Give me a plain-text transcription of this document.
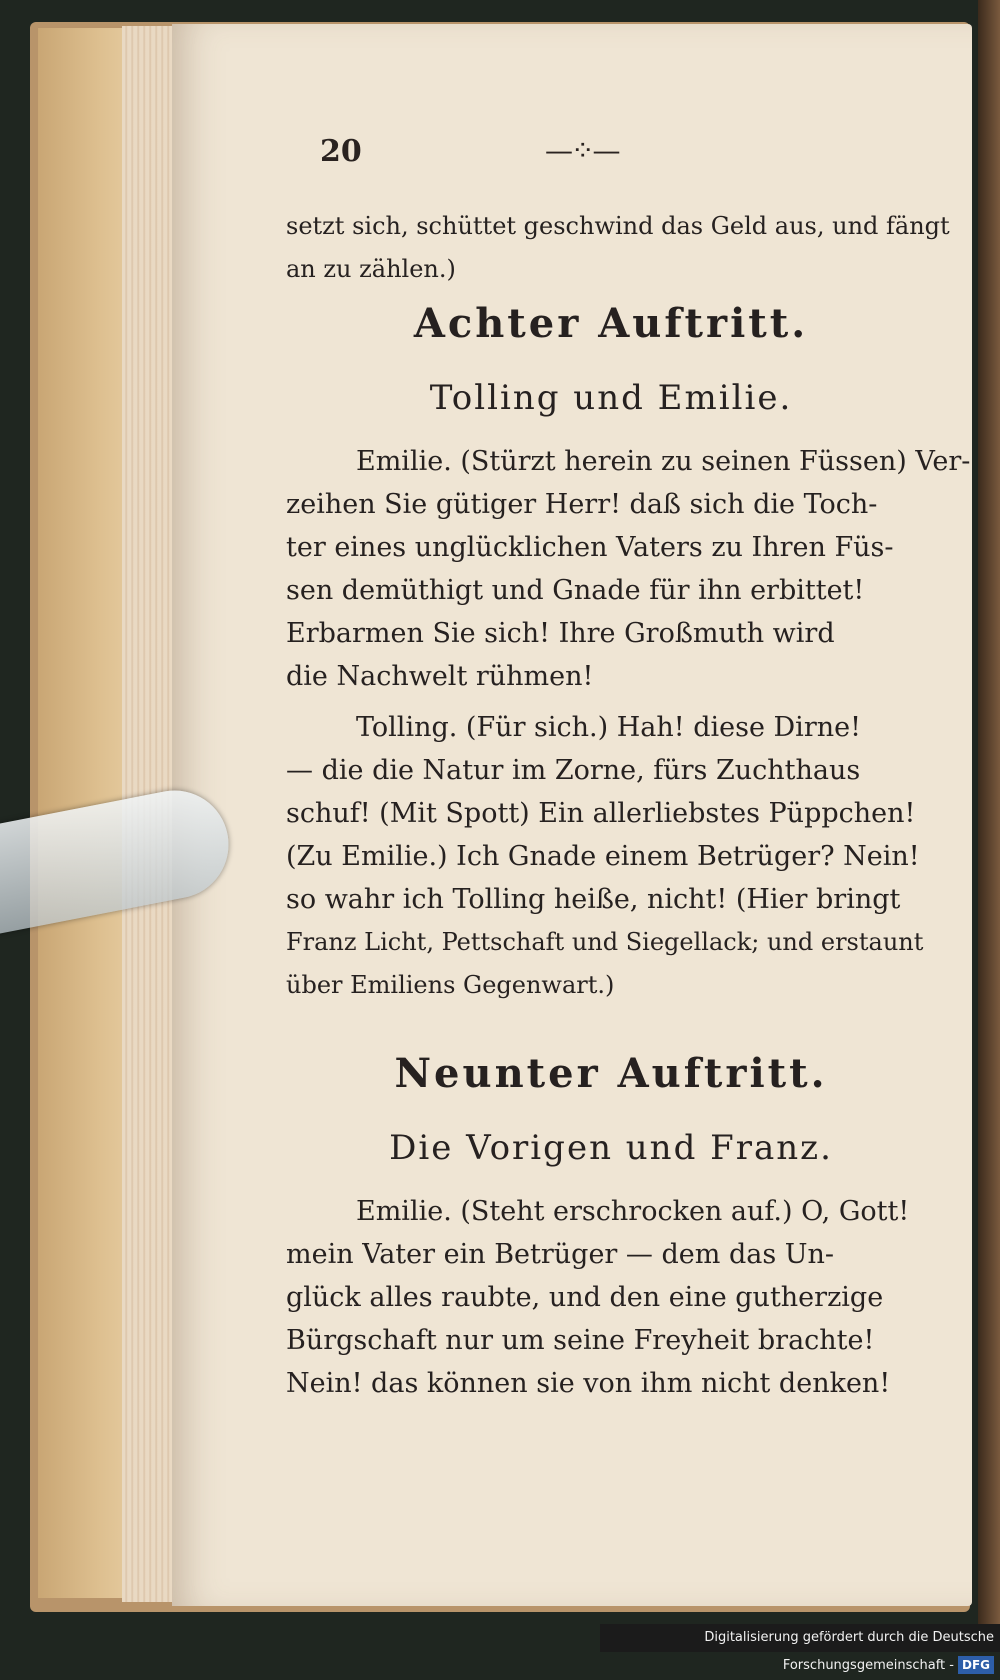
20	—⁘—
setzt sich, schüttet geschwind das Geld aus, und fängt
an zu zählen.)
Achter Auftritt.
Tolling und Emilie.
Emilie. (Stürzt herein zu seinen Füssen) Ver-
zeihen Sie gütiger Herr! daß sich die Toch-
ter eines unglücklichen Vaters zu Ihren Füs-
sen demüthigt und Gnade für ihn erbittet!
Erbarmen Sie sich! Ihre Großmuth wird
die Nachwelt rühmen!
Tolling. (Für sich.) Hah! diese Dirne!
— die die Natur im Zorne, fürs Zuchthaus
schuf! (Mit Spott) Ein allerliebstes Püppchen!
(Zu Emilie.) Ich Gnade einem Betrüger? Nein!
so wahr ich Tolling heiße, nicht! (Hier bringt
Franz Licht, Pettschaft und Siegellack; und erstaunt
über Emiliens Gegenwart.)
Neunter Auftritt.
Die Vorigen und Franz.
Emilie. (Steht erschrocken auf.) O, Gott!
mein Vater ein Betrüger — dem das Un-
glück alles raubte, und den eine gutherzige
Bürgschaft nur um seine Freyheit brachte!
Nein! das können sie von ihm nicht denken!
Digitalisierung gefördert durch die Deutsche Forschungsgemeinschaft - DFG
